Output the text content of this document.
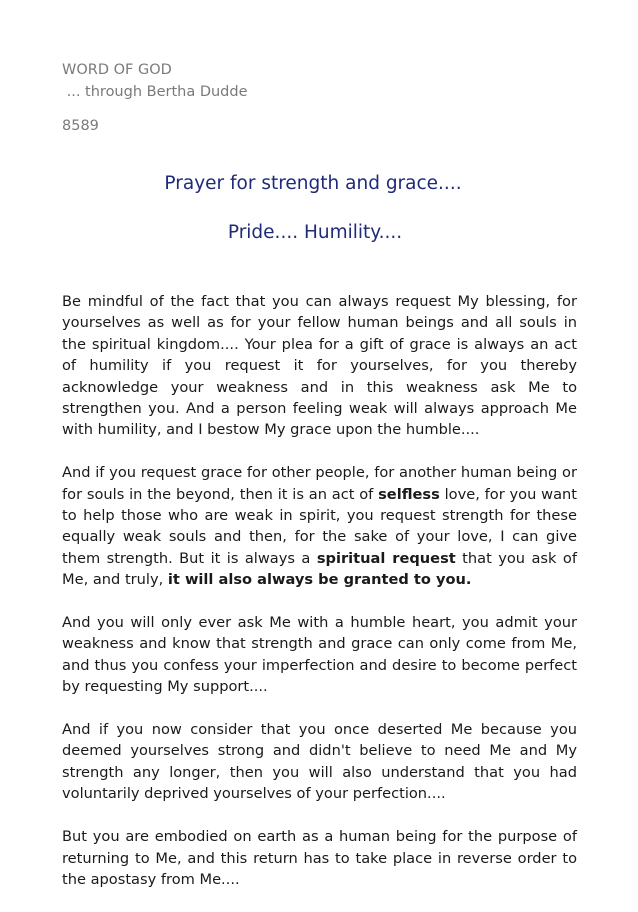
WORD OF GOD

... through Bertha Dudde

8589

Prayer for strength and grace....
Pride.... Humility....

Be mindful of the fact that you can always request My blessing, for yourselves as well as for your fellow human beings and all souls in the spiritual kingdom.... Your plea for a gift of grace is always an act of humility if you request it for yourselves, for you thereby acknowledge your weakness and in this weakness ask Me to strengthen you. And a person feeling weak will always approach Me with humility, and I bestow My grace upon the humble....

And if you request grace for other people, for another human being or for souls in the beyond, then it is an act of selfless love, for you want to help those who are weak in spirit, you request strength for these equally weak souls and then, for the sake of your love, I can give them strength. But it is always a spiritual request that you ask of Me, and truly, it will also always be granted to you.

And you will only ever ask Me with a humble heart, you admit your weakness and know that strength and grace can only come from Me, and thus you confess your imperfection and desire to become perfect by requesting My support....

And if you now consider that you once deserted Me because you deemed yourselves strong and didn't believe to need Me and My strength any longer, then you will also understand that you had voluntarily deprived yourselves of your perfection....

But you are embodied on earth as a human being for the purpose of returning to Me, and this return has to take place in reverse order to the apostasy from Me....
